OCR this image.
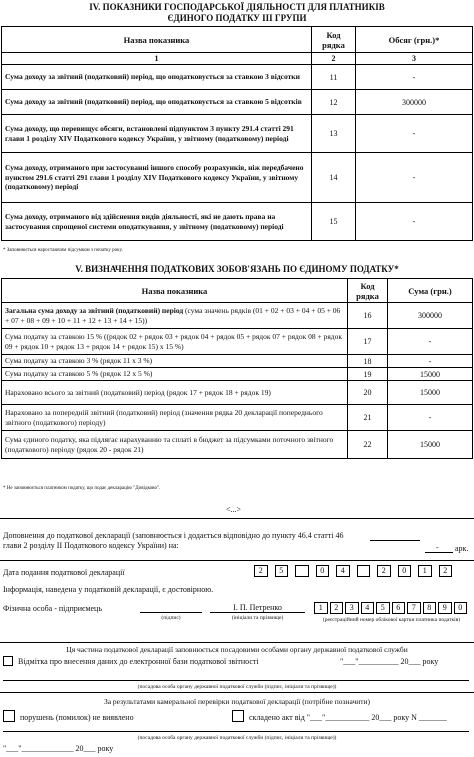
IV. ПОКАЗНИКИ ГОСПОДАРСЬКОЇ ДІЯЛЬНОСТІ ДЛЯ ПЛАТНИКІВ
ЄДИНОГО ПОДАТКУ ІІІ ГРУПИ
Назва показника	Код рядка	Обсяг (грн.)*
1	2	3
Сума доходу за звітний (податковий) період, що оподатковується за ставкою 3 відсотки	11	-
Сума доходу за звітний (податковий) період, що оподатковується за ставкою 5 відсотків	12	300000
Сума доходу, що перевищує обсяги, встановлені підпунктом 3 пункту 291.4 статті 291 глави 1 розділу XIV Податкового кодексу України, у звітному (податковому) періоді	13	-
Сума доходу, отриманого при застосуванні іншого способу розрахунків, ніж передбачено пунктом 291.6 статті 291 глави 1 розділу XIV Податкового кодексу України, у звітному (податковому) періоді	14	-
Сума доходу, отриманого від здійснення видів діяльності, які не дають права на застосування спрощеної системи оподаткування, у звітному (податковому) періоді	15	-
* Заповнюється наростаючим підсумком з початку року.
V. ВИЗНАЧЕННЯ ПОДАТКОВИХ ЗОБОВ'ЯЗАНЬ ПО ЄДИНОМУ ПОДАТКУ*
Назва показника	Код рядка	Сума (грн.)
Загальна сума доходу за звітний (податковий) період (сума значень рядків (01 + 02 + 03 + 04 + 05 + 06 + 07 + 08 + 09 + 10 + 11 + 12 + 13 + 14 + 15))	16	300000
Сума податку за ставкою 15 % ((рядок 02 + рядок 03 + рядок 04 + рядок 05 + рядок 07 + рядок 08 + рядок 09 + рядок 10 + рядок 13 + рядок 14 + рядок 15) х 15 %)	17	-
Сума податку за ставкою 3 % (рядок 11 х 3 %)	18	-
Сума податку за ставкою 5 % (рядок 12 х 5 %)	19	15000
Нараховано всього за звітний (податковий) період (рядок 17 + рядок 18 + рядок 19)	20	15000
Нараховано за попередній звітний (податковий) період (значення рядка 20 декларації попереднього звітного (податкового) періоду)	21	-
Сума єдиного податку, яка підлягає нарахуванню та сплаті в бюджет за підсумками поточного звітного (податкового) періоду (рядок 20 - рядок 21)	22	15000
* Не заповнюється платником податку, що подає декларацію "Довідково".
<...>
Доповнення до податкової декларації (заповнюється і додається відповідно до пункту 46.4 статті 46 глави 2 розділу ІІ Податкового кодексу України) на:	- арк.
Дата подання податкової декларації	2	5	0	4	2	0	1	2
Інформація, наведена у податковій декларації, є достовірною.
Фізична особа - підприємець
(підпис)
І. П. Петренко
(ініціали та прізвище)
1	2	3	4	5	6	7	8	9	0
(реєстраційний номер облікової картки платника податків)
Ця частина податкової декларації заповнюється посадовими особами органу державної податкової служби
Відмітка про внесення даних до електронної бази податкової звітності	"___"__________ 20___ року
(посадова особа органу державної податкової служби (підпис, ініціали та прізвище))
За результатами камеральної перевірки податкової декларації (потрібне позначити)
порушень (помилок) не виявлено	складено акт від "___"___________ 20___ року N _______
(посадова особа органу державної податкової служби (підпис, ініціали та прізвище))
"___"_____________ 20___ року
